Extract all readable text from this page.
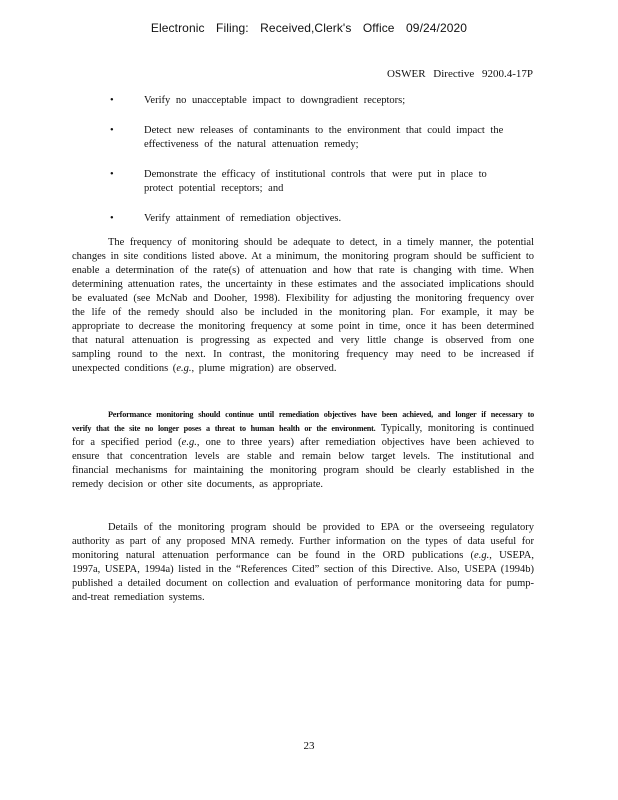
Electronic Filing: Received,Clerk's Office 09/24/2020
OSWER Directive 9200.4-17P
•	Verify no unacceptable impact to downgradient receptors;
•	Detect new releases of contaminants to the environment that could impact the effectiveness of the natural attenuation remedy;
•	Demonstrate the efficacy of institutional controls that were put in place to protect potential receptors; and
•	Verify attainment of remediation objectives.

The frequency of monitoring should be adequate to detect, in a timely manner, the potential changes in site conditions listed above. At a minimum, the monitoring program should be sufficient to enable a determination of the rate(s) of attenuation and how that rate is changing with time. When determining attenuation rates, the uncertainty in these estimates and the associated implications should be evaluated (see McNab and Dooher, 1998). Flexibility for adjusting the monitoring frequency over the life of the remedy should also be included in the monitoring plan. For example, it may be appropriate to decrease the monitoring frequency at some point in time, once it has been determined that natural attenuation is progressing as expected and very little change is observed from one sampling round to the next. In contrast, the monitoring frequency may need to be increased if unexpected conditions (e.g., plume migration) are observed.

Performance monitoring should continue until remediation objectives have been achieved, and longer if necessary to verify that the site no longer poses a threat to human health or the environment. Typically, monitoring is continued for a specified period (e.g., one to three years) after remediation objectives have been achieved to ensure that concentration levels are stable and remain below target levels. The institutional and financial mechanisms for maintaining the monitoring program should be clearly established in the remedy decision or other site documents, as appropriate.

Details of the monitoring program should be provided to EPA or the overseeing regulatory authority as part of any proposed MNA remedy. Further information on the types of data useful for monitoring natural attenuation performance can be found in the ORD publications (e.g., USEPA, 1997a, USEPA, 1994a) listed in the “References Cited” section of this Directive. Also, USEPA (1994b) published a detailed document on collection and evaluation of performance monitoring data for pump-and-treat remediation systems.

23
